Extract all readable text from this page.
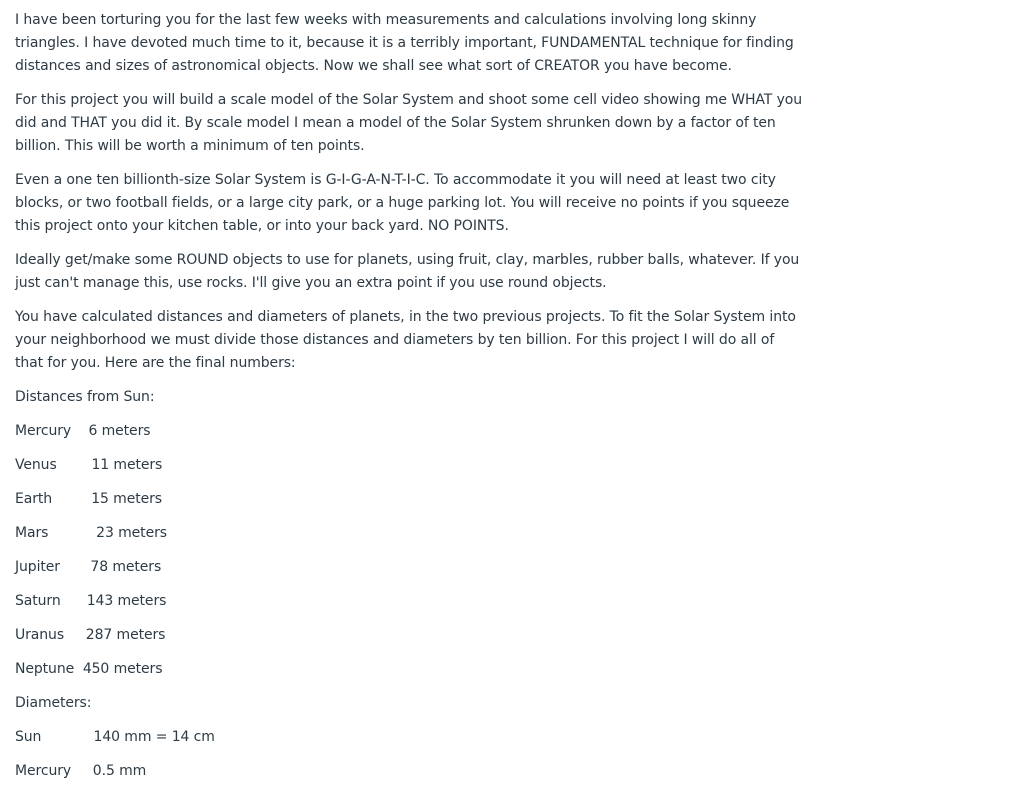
I have been torturing you for the last few weeks with measurements and calculations involving long skinny triangles. I have devoted much time to it, because it is a terribly important, FUNDAMENTAL technique for finding distances and sizes of astronomical objects. Now we shall see what sort of CREATOR you have become.

For this project you will build a scale model of the Solar System and shoot some cell video showing me WHAT you did and THAT you did it. By scale model I mean a model of the Solar System shrunken down by a factor of ten billion. This will be worth a minimum of ten points.

Even a one ten billionth-size Solar System is G-I-G-A-N-T-I-C. To accommodate it you will need at least two city blocks, or two football fields, or a large city park, or a huge parking lot. You will receive no points if you squeeze this project onto your kitchen table, or into your back yard. NO POINTS.

Ideally get/make some ROUND objects to use for planets, using fruit, clay, marbles, rubber balls, whatever. If you just can't manage this, use rocks. I'll give you an extra point if you use round objects.

You have calculated distances and diameters of planets, in the two previous projects. To fit the Solar System into your neighborhood we must divide those distances and diameters by ten billion. For this project I will do all of that for you. Here are the final numbers:

Distances from Sun:

Mercury    6 meters
Venus        11 meters
Earth         15 meters
Mars           23 meters
Jupiter       78 meters
Saturn      143 meters
Uranus     287 meters
Neptune  450 meters

Diameters:

Sun            140 mm = 14 cm
Mercury     0.5 mm
